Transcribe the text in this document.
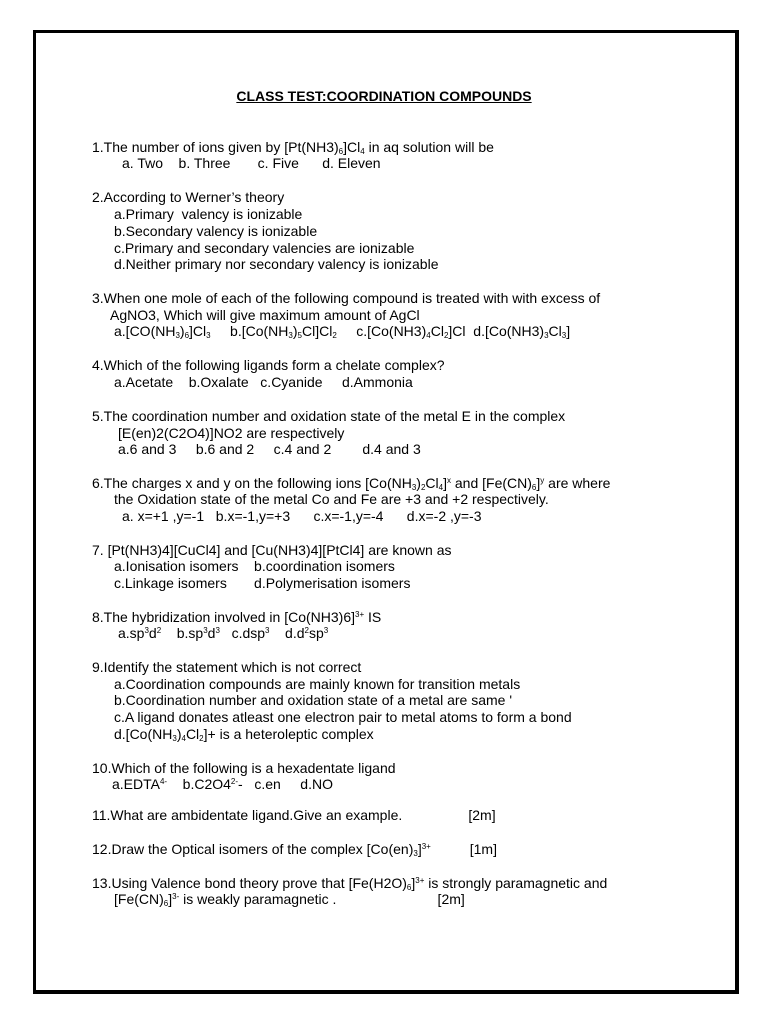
CLASS TEST:COORDINATION COMPOUNDS
1.The number of ions given by $[Pt(NH3)_6]Cl_4$ in aq solution will be
a. Two    b. Three       c. Five      d. Eleven
2.According to Werner’s theory
a.Primary  valency is ionizable
b.Secondary valency is ionizable
c.Primary and secondary valencies are ionizable
d.Neither primary nor secondary valency is ionizable
3.When one mole of each of the following compound is treated with with excess of
AgNO3, Which will give maximum amount of AgCl
$a.[CO(NH_3)_6]Cl_3$     $b.[Co(NH_3)_5Cl]Cl_2$     $c.[Co(NH3)_4Cl_2]Cl$  $d.[Co(NH3)_3Cl_3]$
4.Which of the following ligands form a chelate complex?
a.Acetate    b.Oxalate   c.Cyanide     d.Ammonia
5.The coordination number and oxidation state of the metal E in the complex
[E(en)2(C2O4)]NO2 are respectively
a.6 and 3     b.6 and 2     c.4 and 2        d.4 and 3
6.The charges x and y on the following ions $[Co(NH_3)_2Cl_4]^x$ and $[Fe(CN)_6]^y$ are where
the Oxidation state of the metal Co and Fe are +3 and +2 respectively.
a. x=+1 ,y=-1   b.x=-1,y=+3      c.x=-1,y=-4      d.x=-2 ,y=-3
7. [Pt(NH3)4][CuCl4] and [Cu(NH3)4][PtCl4] are known as
a.Ionisation isomers    b.coordination isomers
c.Linkage isomers       d.Polymerisation isomers
8.The hybridization involved in $[Co(NH3)6]^{3+}$ IS
$a.sp^3d^2$    $b.sp^3d^3$   c.dsp$^3$    $d.d^2sp^3$
9.Identify the statement which is not correct
a.Coordination compounds are mainly known for transition metals
b.Coordination number and oxidation state of a metal are same '
c.A ligand donates atleast one electron pair to metal atoms to form a bond
$d.[Co(NH_3)_4Cl_2]+$ is a heteroleptic complex
10.Which of the following is a hexadentate ligand
$a.EDTA^{4-}$    $b.C2O4^{2-}-$   c.en     d.NO
11.What are ambidentate ligand.Give an example.                 [2m]
12.Draw the Optical isomers of the complex $[Co(en)_3]^{3+}$          [1m]
13.Using Valence bond theory prove that $[Fe(H2O)_6]^{3+}$ is strongly paramagnetic and
$[Fe(CN)_6]^{3-}$ is weakly paramagnetic .                          [2m]
